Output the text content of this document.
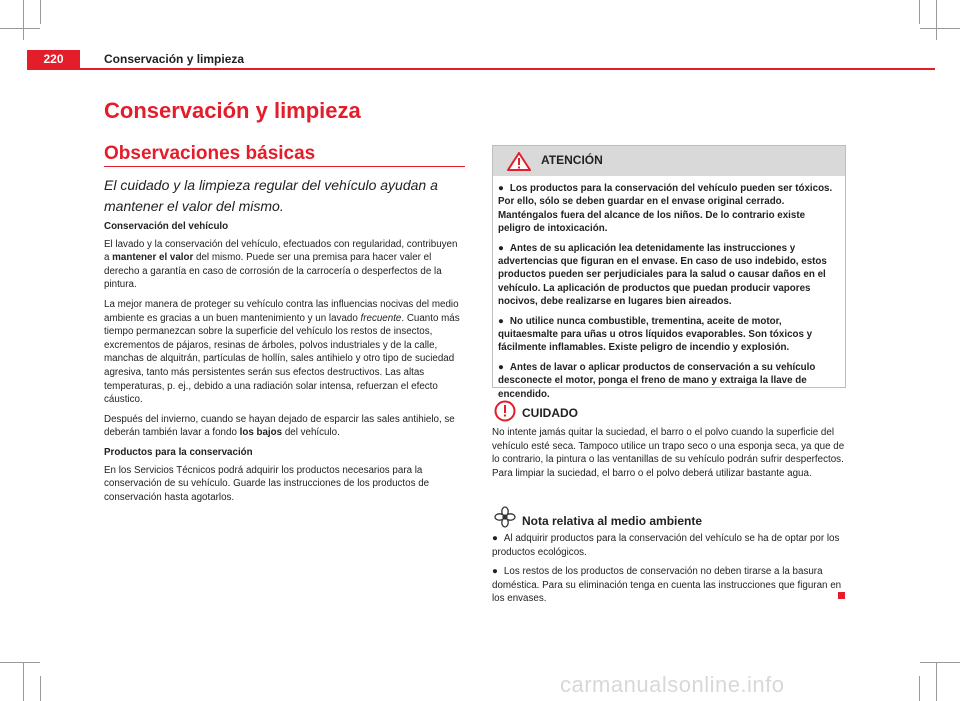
220	Conservación y limpieza
Conservación y limpieza
Observaciones básicas
El cuidado y la limpieza regular del vehículo ayudan a mantener el valor del mismo.

Conservación del vehículo

El lavado y la conservación del vehículo, efectuados con regularidad, contribuyen a mantener el valor del mismo. Puede ser una premisa para hacer valer el derecho a garantía en caso de corrosión de la carrocería o desperfectos de la pintura.

La mejor manera de proteger su vehículo contra las influencias nocivas del medio ambiente es gracias a un buen mantenimiento y un lavado frecuente. Cuanto más tiempo permanezcan sobre la superficie del vehículo los restos de insectos, excrementos de pájaros, resinas de árboles, polvos industriales y de la calle, manchas de alquitrán, partículas de hollín, sales antihielo y otro tipo de suciedad agresiva, tanto más persistentes serán sus efectos destructivos. Las altas temperaturas, p. ej., debido a una radiación solar intensa, refuerzan el efecto cáustico.

Después del invierno, cuando se hayan dejado de esparcir las sales antihielo, se deberán también lavar a fondo los bajos del vehículo.

Productos para la conservación

En los Servicios Técnicos podrá adquirir los productos necesarios para la conservación de su vehículo. Guarde las instrucciones de los productos de conservación hasta agotarlos.

ATENCIÓN

● Los productos para la conservación del vehículo pueden ser tóxicos. Por ello, sólo se deben guardar en el envase original cerrado. Manténgalos fuera del alcance de los niños. De lo contrario existe peligro de intoxicación.

● Antes de su aplicación lea detenidamente las instrucciones y advertencias que figuran en el envase. En caso de uso indebido, estos productos pueden ser perjudiciales para la salud o causar daños en el vehículo. La aplicación de productos que puedan producir vapores nocivos, debe realizarse en lugares bien aireados.

● No utilice nunca combustible, trementina, aceite de motor, quitaesmalte para uñas u otros líquidos evaporables. Son tóxicos y fácilmente inflamables. Existe peligro de incendio y explosión.

● Antes de lavar o aplicar productos de conservación a su vehículo desconecte el motor, ponga el freno de mano y extraiga la llave de encendido.

CUIDADO
No intente jamás quitar la suciedad, el barro o el polvo cuando la superficie del vehículo esté seca. Tampoco utilice un trapo seco o una esponja seca, ya que de lo contrario, la pintura o las ventanillas de su vehículo podrán sufrir desperfectos. Para limpiar la suciedad, el barro o el polvo deberá utilizar bastante agua.
Nota relativa al medio ambiente

● Al adquirir productos para la conservación del vehículo se ha de optar por los productos ecológicos.

● Los restos de los productos de conservación no deben tirarse a la basura doméstica. Para su eliminación tenga en cuenta las instrucciones que figuran en los envases.

carmanualsonline.info
